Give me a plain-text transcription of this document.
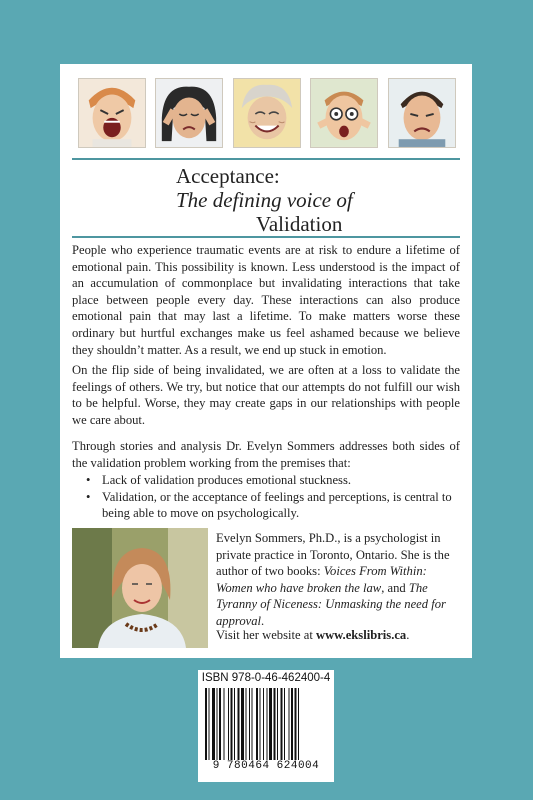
Acceptance:
The defining voice of
Validation

People who experience traumatic events are at risk to endure a lifetime of emotional pain. This possibility is known. Less understood is the impact of an accumulation of commonplace but invalidating interactions that take place between people every day. These interactions can also produce emotional pain that may last a lifetime. To make matters worse these ordinary but hurtful exchanges make us feel ashamed because we believe they shouldn’t matter. As a result, we end up stuck in emotion.

On the flip side of being invalidated, we are often at a loss to validate the feelings of others. We try, but notice that our attempts do not fulfill our wish to be helpful. Worse, they may create gaps in our relationships with people we care about.

Through stories and analysis Dr. Evelyn Sommers addresses both sides of the validation problem working from the premises that:

• Lack of validation produces emotional stuckness.
• Validation, or the acceptance of feelings and perceptions, is central to being able to move on psychologically.

Evelyn Sommers, Ph.D., is a psychologist in private practice in Toronto, Ontario. She is the author of two books: Voices From Within: Women who have broken the law, and The Tyranny of Niceness: Unmasking the need for approval.

Visit her website at www.ekslibris.ca.

ISBN 978-0-46-462400-4
9 780464 624004
